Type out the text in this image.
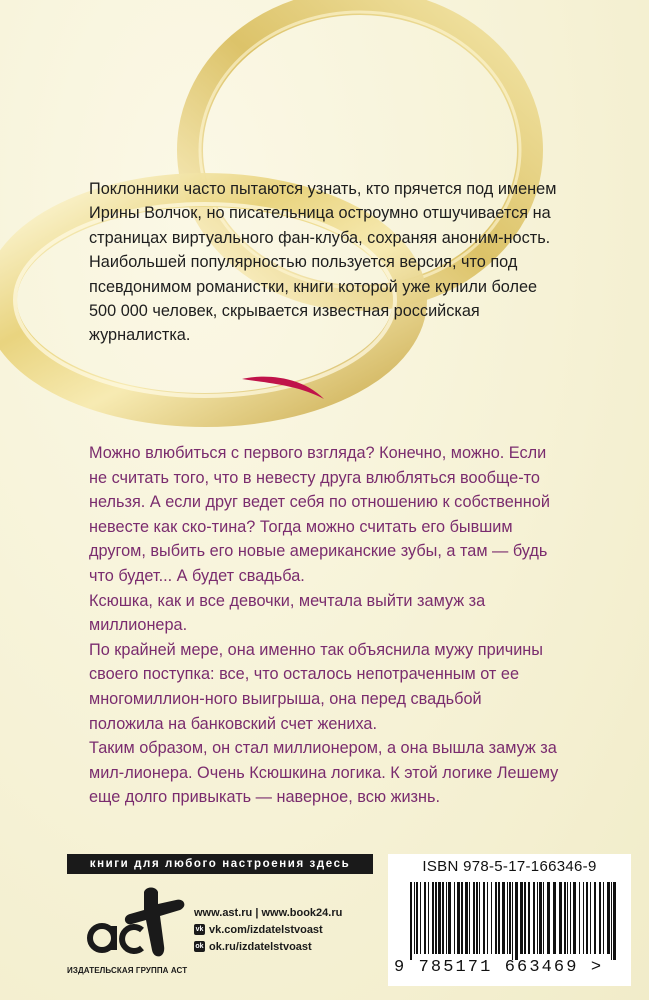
Поклонники часто пытаются узнать, кто прячется под именем Ирины Волчок, но писательница остроумно отшучивается на страницах виртуального фан-клуба, сохраняя аноним-ность. Наибольшей популярностью пользуется версия, что под псевдонимом романистки, книги которой уже купили более 500 000 человек, скрывается известная российская журналистка.

Можно влюбиться с первого взгляда? Конечно, можно. Если не считать того, что в невесту друга влюбляться вообще-то нельзя. А если друг ведет себя по отношению к собственной невесте как ско-тина? Тогда можно считать его бывшим другом, выбить его новые американские зубы, а там — будь что будет... А будет свадьба.

Ксюшка, как и все девочки, мечтала выйти замуж за миллионера.

По крайней мере, она именно так объяснила мужу причины своего поступка: все, что осталось непотраченным от ее многомиллион-ного выигрыша, она перед свадьбой положила на банковский счет жениха.

Таким образом, он стал миллионером, а она вышла замуж за мил-лионера. Очень Ксюшкина логика. К этой логике Лешему еще долго привыкать — наверное, всю жизнь.

книги для любого настроения здесь
ИЗДАТЕЛЬСКАЯ ГРУППА АСТ
www.ast.ru | www.book24.ru
vk vk.com/izdatelstvoast
ok ok.ru/izdatelstvoast
ISBN 978-5-17-166346-9
9 785171 663469 >
